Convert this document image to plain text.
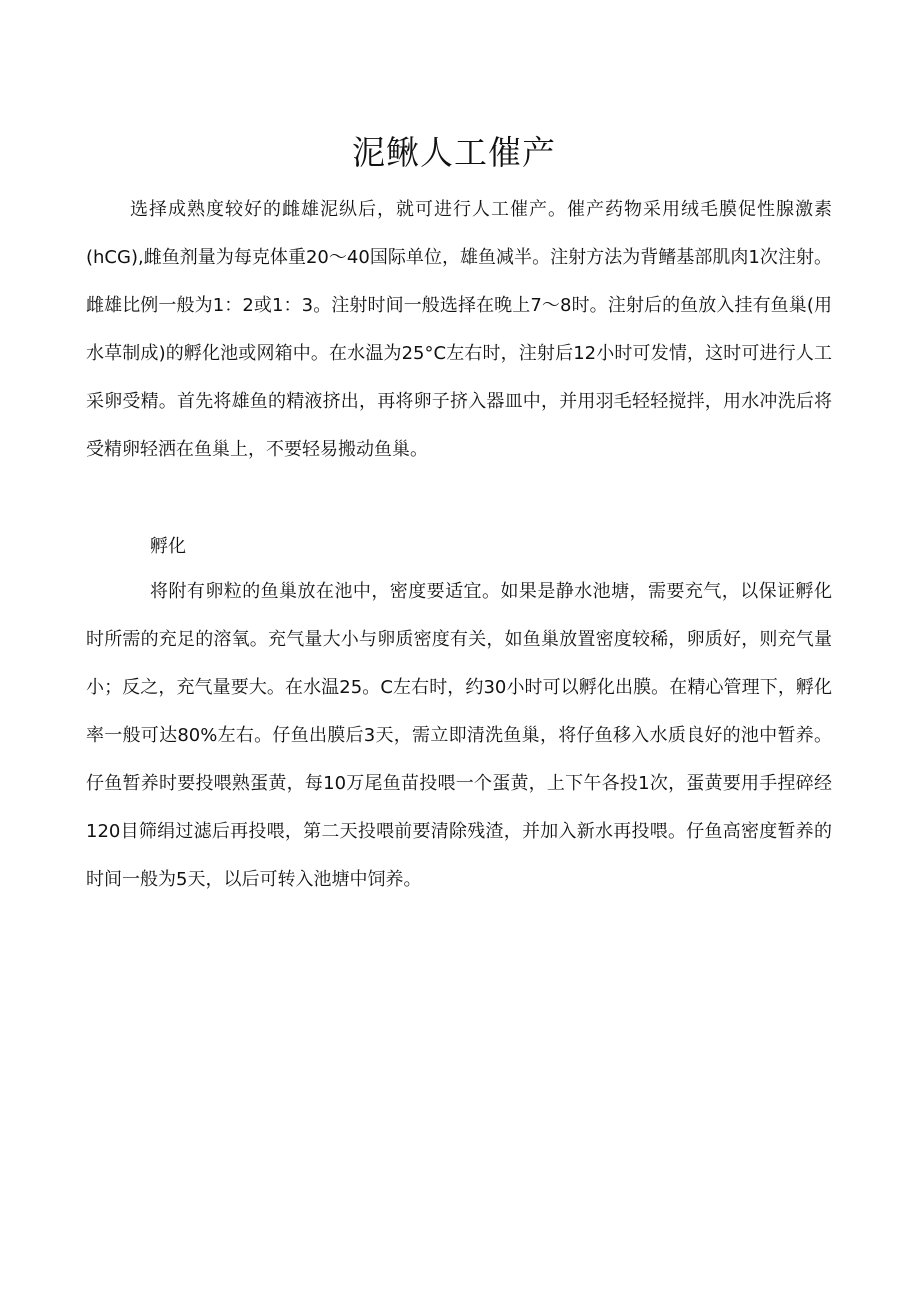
泥鳅人工催产

选择成熟度较好的雌雄泥纵后，就可进行人工催产。催产药物采用绒毛膜促性腺激素(hCG),雌鱼剂量为每克体重20～40国际单位，雄鱼减半。注射方法为背鳍基部肌肉1次注射。雌雄比例一般为1：2或1：3。注射时间一般选择在晚上7～8时。注射后的鱼放入挂有鱼巢(用水草制成)的孵化池或网箱中。在水温为25°C左右时，注射后12小时可发情，这时可进行人工采卵受精。首先将雄鱼的精液挤出，再将卵子挤入器皿中，并用羽毛轻轻搅拌，用水冲洗后将受精卵轻洒在鱼巢上，不要轻易搬动鱼巢。

孵化

将附有卵粒的鱼巢放在池中，密度要适宜。如果是静水池塘，需要充气，以保证孵化时所需的充足的溶氧。充气量大小与卵质密度有关，如鱼巢放置密度较稀，卵质好，则充气量小；反之，充气量要大。在水温25。C左右时，约30小时可以孵化出膜。在精心管理下，孵化率一般可达80%左右。仔鱼出膜后3天，需立即清洗鱼巢，将仔鱼移入水质良好的池中暂养。仔鱼暂养时要投喂熟蛋黄，每10万尾鱼苗投喂一个蛋黄，上下午各投1次，蛋黄要用手捏碎经120目筛绢过滤后再投喂，第二天投喂前要清除残渣，并加入新水再投喂。仔鱼高密度暂养的时间一般为5天，以后可转入池塘中饲养。
